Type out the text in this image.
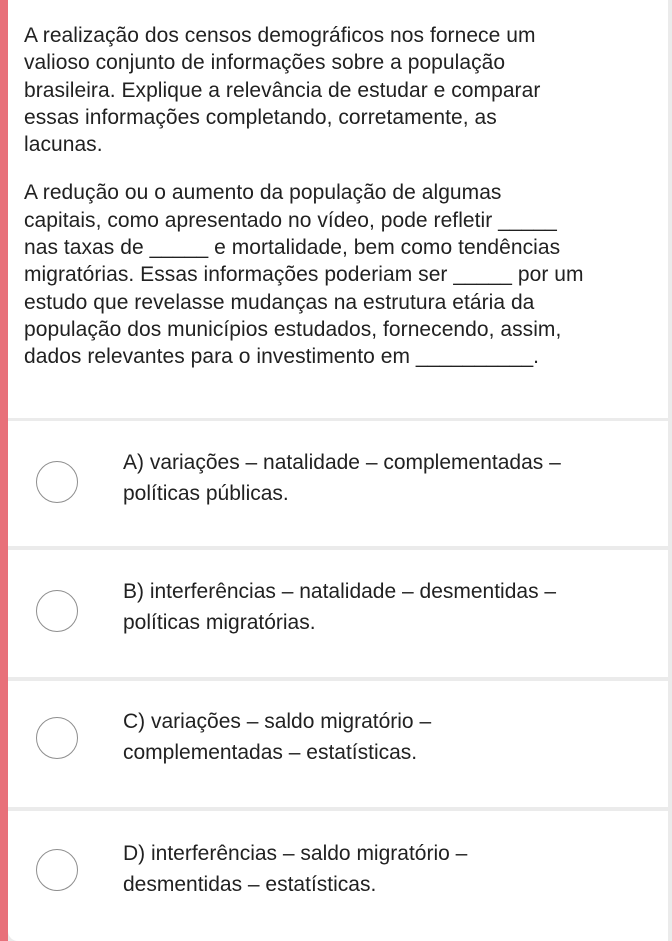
A realização dos censos demográficos nos fornece um
valioso conjunto de informações sobre a população
brasileira. Explique a relevância de estudar e comparar
essas informações completando, corretamente, as
lacunas.

A redução ou o aumento da população de algumas
capitais, como apresentado no vídeo, pode refletir _____
nas taxas de _____ e mortalidade, bem como tendências
migratórias. Essas informações poderiam ser _____ por um
estudo que revelasse mudanças na estrutura etária da
população dos municípios estudados, fornecendo, assim,
dados relevantes para o investimento em __________.

A) variações – natalidade – complementadas –
políticas públicas.
B) interferências – natalidade – desmentidas –
políticas migratórias.
C) variações – saldo migratório –
complementadas – estatísticas.
D) interferências – saldo migratório –
desmentidas – estatísticas.
